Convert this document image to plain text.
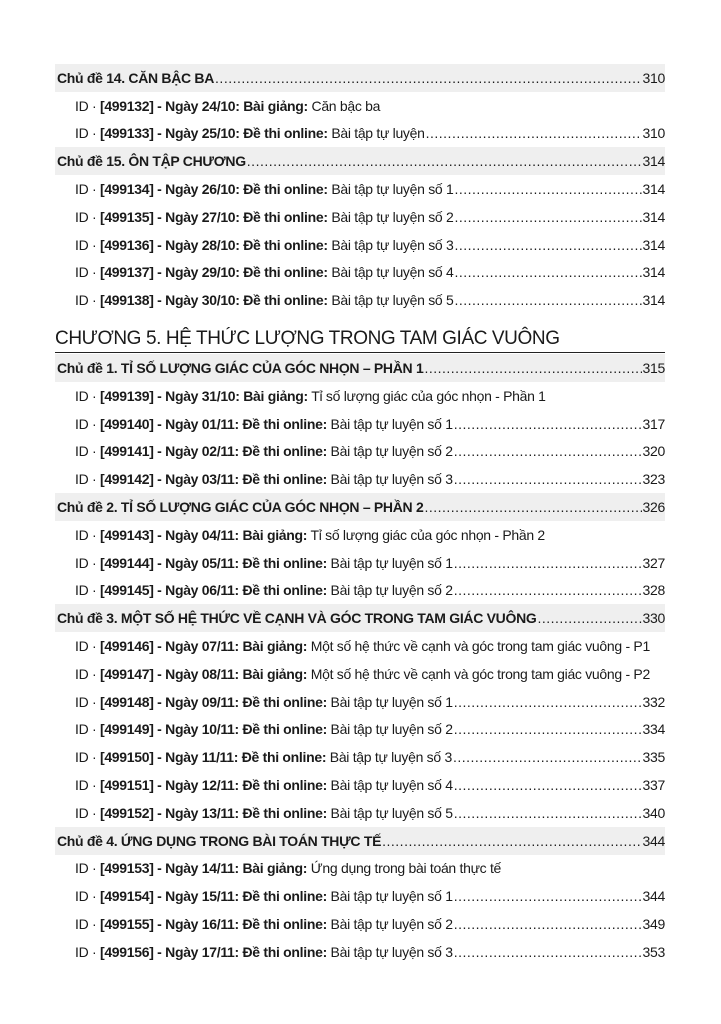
Chủ đề 14. CĂN BẬC BA .....	310
ID · [499132] - Ngày 24/10: Bài giảng: Căn bậc ba
ID · [499133] - Ngày 25/10: Đề thi online: Bài tập tự luyện .....	310
Chủ đề 15. ÔN TẬP CHƯƠNG .....	314
ID · [499134] - Ngày 26/10: Đề thi online: Bài tập tự luyện số 1 .....	314
ID · [499135] - Ngày 27/10: Đề thi online: Bài tập tự luyện số 2 .....	314
ID · [499136] - Ngày 28/10: Đề thi online: Bài tập tự luyện số 3 .....	314
ID · [499137] - Ngày 29/10: Đề thi online: Bài tập tự luyện số 4 .....	314
ID · [499138] - Ngày 30/10: Đề thi online: Bài tập tự luyện số 5 .....	314
CHƯƠNG 5. HỆ THỨC LƯỢNG TRONG TAM GIÁC VUÔNG
Chủ đề 1. TỈ SỐ LƯỢNG GIÁC CỦA GÓC NHỌN – PHẦN 1 .....	315
ID · [499139] - Ngày 31/10: Bài giảng: Tỉ số lượng giác của góc nhọn - Phần 1
ID · [499140] - Ngày 01/11: Đề thi online: Bài tập tự luyện số 1 .....	317
ID · [499141] - Ngày 02/11: Đề thi online: Bài tập tự luyện số 2 .....	320
ID · [499142] - Ngày 03/11: Đề thi online: Bài tập tự luyện số 3 .....	323
Chủ đề 2. TỈ SỐ LƯỢNG GIÁC CỦA GÓC NHỌN – PHẦN 2 .....	326
ID · [499143] - Ngày 04/11: Bài giảng: Tỉ số lượng giác của góc nhọn - Phần 2
ID · [499144] - Ngày 05/11: Đề thi online: Bài tập tự luyện số 1 .....	327
ID · [499145] - Ngày 06/11: Đề thi online: Bài tập tự luyện số 2 .....	328
Chủ đề 3. MỘT SỐ HỆ THỨC VỀ CẠNH VÀ GÓC TRONG TAM GIÁC VUÔNG .....	330
ID · [499146] - Ngày 07/11: Bài giảng: Một số hệ thức về cạnh và góc trong tam giác vuông - P1
ID · [499147] - Ngày 08/11: Bài giảng: Một số hệ thức về cạnh và góc trong tam giác vuông - P2
ID · [499148] - Ngày 09/11: Đề thi online: Bài tập tự luyện số 1 .....	332
ID · [499149] - Ngày 10/11: Đề thi online: Bài tập tự luyện số 2 .....	334
ID · [499150] - Ngày 11/11: Đề thi online: Bài tập tự luyện số 3 .....	335
ID · [499151] - Ngày 12/11: Đề thi online: Bài tập tự luyện số 4 .....	337
ID · [499152] - Ngày 13/11: Đề thi online: Bài tập tự luyện số 5 .....	340
Chủ đề 4. ỨNG DỤNG TRONG BÀI TOÁN THỰC TẾ .....	344
ID · [499153] - Ngày 14/11: Bài giảng: Ứng dụng trong bài toán thực tế
ID · [499154] - Ngày 15/11: Đề thi online: Bài tập tự luyện số 1 .....	344
ID · [499155] - Ngày 16/11: Đề thi online: Bài tập tự luyện số 2 .....	349
ID · [499156] - Ngày 17/11: Đề thi online: Bài tập tự luyện số 3 .....	353
